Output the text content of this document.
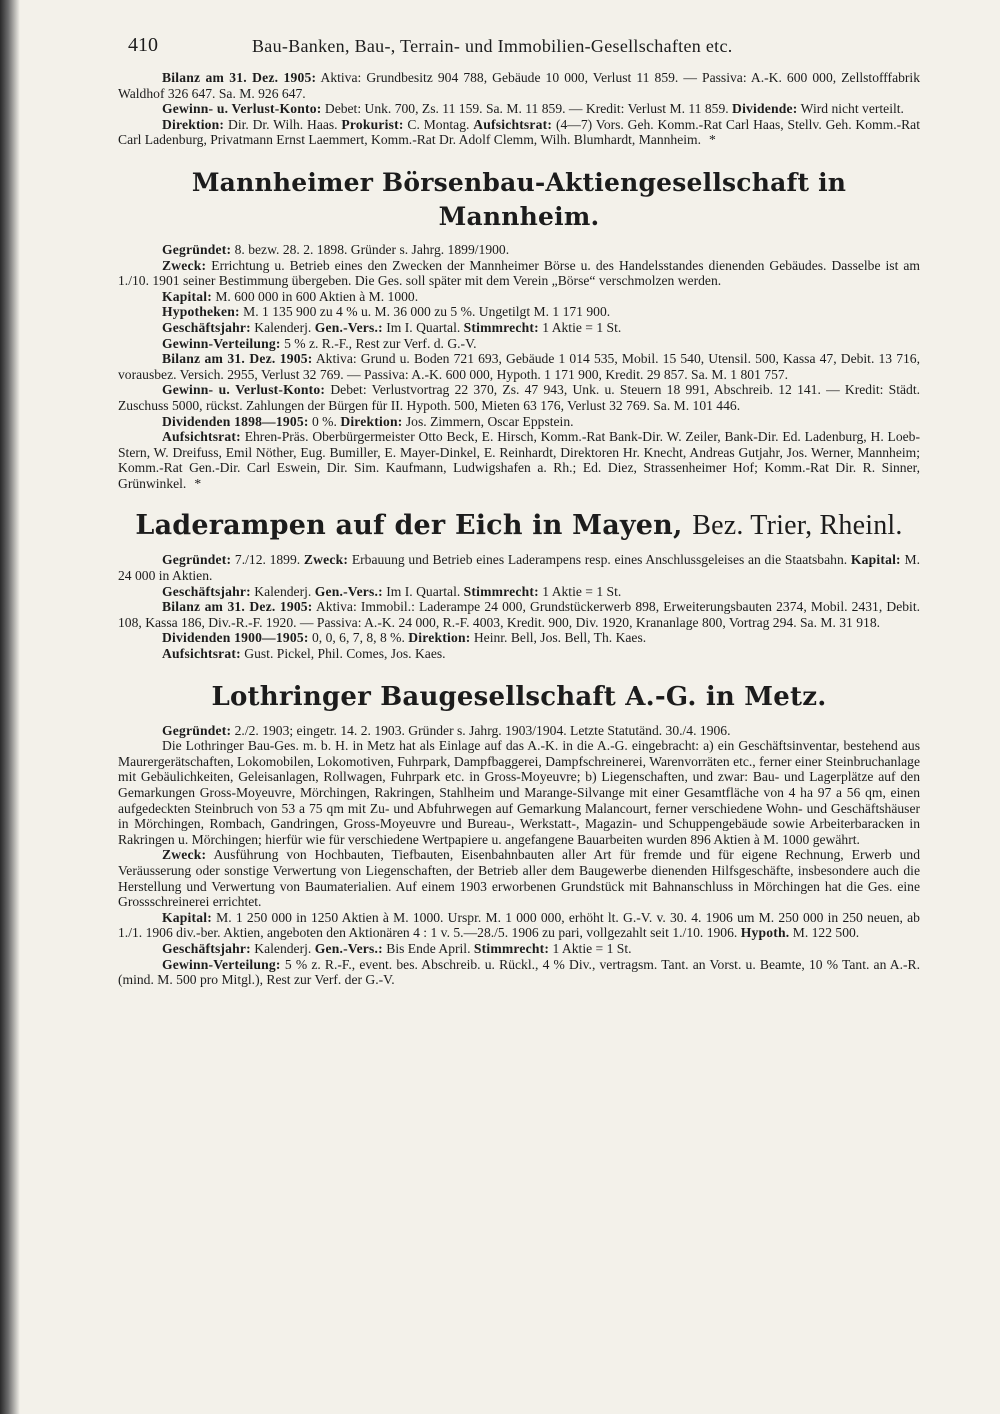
410	Bau-Banken, Bau-, Terrain- und Immobilien-Gesellschaften etc.

Bilanz am 31. Dez. 1905: Aktiva: Grundbesitz 904 788, Gebäude 10 000, Verlust 11 859. — Passiva: A.-K. 600 000, Zellstofffabrik Waldhof 326 647. Sa. M. 926 647.

Gewinn- u. Verlust-Konto: Debet: Unk. 700, Zs. 11 159. Sa. M. 11 859. — Kredit: Verlust M. 11 859. Dividende: Wird nicht verteilt.

Direktion: Dir. Dr. Wilh. Haas. Prokurist: C. Montag. Aufsichtsrat: (4—7) Vors. Geh. Komm.-Rat Carl Haas, Stellv. Geh. Komm.-Rat Carl Ladenburg, Privatmann Ernst Laemmert, Komm.-Rat Dr. Adolf Clemm, Wilh. Blumhardt, Mannheim. *

Mannheimer Börsenbau-Aktiengesellschaft in Mannheim.

Gegründet: 8. bezw. 28. 2. 1898. Gründer s. Jahrg. 1899/1900.

Zweck: Errichtung u. Betrieb eines den Zwecken der Mannheimer Börse u. des Handelsstandes dienenden Gebäudes. Dasselbe ist am 1./10. 1901 seiner Bestimmung übergeben. Die Ges. soll später mit dem Verein „Börse“ verschmolzen werden.

Kapital: M. 600 000 in 600 Aktien à M. 1000.

Hypotheken: M. 1 135 900 zu 4 % u. M. 36 000 zu 5 %. Ungetilgt M. 1 171 900.

Geschäftsjahr: Kalenderj. Gen.-Vers.: Im I. Quartal. Stimmrecht: 1 Aktie = 1 St.

Gewinn-Verteilung: 5 % z. R.-F., Rest zur Verf. d. G.-V.

Bilanz am 31. Dez. 1905: Aktiva: Grund u. Boden 721 693, Gebäude 1 014 535, Mobil. 15 540, Utensil. 500, Kassa 47, Debit. 13 716, vorausbez. Versich. 2955, Verlust 32 769. — Passiva: A.-K. 600 000, Hypoth. 1 171 900, Kredit. 29 857. Sa. M. 1 801 757.

Gewinn- u. Verlust-Konto: Debet: Verlustvortrag 22 370, Zs. 47 943, Unk. u. Steuern 18 991, Abschreib. 12 141. — Kredit: Städt. Zuschuss 5000, rückst. Zahlungen der Bürgen für II. Hypoth. 500, Mieten 63 176, Verlust 32 769. Sa. M. 101 446.

Dividenden 1898—1905: 0 %. Direktion: Jos. Zimmern, Oscar Eppstein.

Aufsichtsrat: Ehren-Präs. Oberbürgermeister Otto Beck, E. Hirsch, Komm.-Rat Bank-Dir. W. Zeiler, Bank-Dir. Ed. Ladenburg, H. Loeb-Stern, W. Dreifuss, Emil Nöther, Eug. Bumiller, E. Mayer-Dinkel, E. Reinhardt, Direktoren Hr. Knecht, Andreas Gutjahr, Jos. Werner, Mannheim; Komm.-Rat Gen.-Dir. Carl Eswein, Dir. Sim. Kaufmann, Ludwigshafen a. Rh.; Ed. Diez, Strassenheimer Hof; Komm.-Rat Dir. R. Sinner, Grünwinkel. *

Laderampen auf der Eich in Mayen, Bez. Trier, Rheinl.

Gegründet: 7./12. 1899. Zweck: Erbauung und Betrieb eines Laderampens resp. eines Anschlussgeleises an die Staatsbahn. Kapital: M. 24 000 in Aktien.

Geschäftsjahr: Kalenderj. Gen.-Vers.: Im I. Quartal. Stimmrecht: 1 Aktie = 1 St.

Bilanz am 31. Dez. 1905: Aktiva: Immobil.: Laderampe 24 000, Grundstückerwerb 898, Erweiterungsbauten 2374, Mobil. 2431, Debit. 108, Kassa 186, Div.-R.-F. 1920. — Passiva: A.-K. 24 000, R.-F. 4003, Kredit. 900, Div. 1920, Krananlage 800, Vortrag 294. Sa. M. 31 918.

Dividenden 1900—1905: 0, 0, 6, 7, 8, 8 %. Direktion: Heinr. Bell, Jos. Bell, Th. Kaes.

Aufsichtsrat: Gust. Pickel, Phil. Comes, Jos. Kaes.

Lothringer Baugesellschaft A.-G. in Metz.

Gegründet: 2./2. 1903; eingetr. 14. 2. 1903. Gründer s. Jahrg. 1903/1904. Letzte Statutänd. 30./4. 1906.

Die Lothringer Bau-Ges. m. b. H. in Metz hat als Einlage auf das A.-K. in die A.-G. eingebracht: a) ein Geschäftsinventar, bestehend aus Maurergerätschaften, Lokomobilen, Lokomotiven, Fuhrpark, Dampfbaggerei, Dampfschreinerei, Warenvorräten etc., ferner einer Steinbruchanlage mit Gebäulichkeiten, Geleisanlagen, Rollwagen, Fuhrpark etc. in Gross-Moyeuvre; b) Liegenschaften, und zwar: Bau- und Lagerplätze auf den Gemarkungen Gross-Moyeuvre, Mörchingen, Rakringen, Stahlheim und Marange-Silvange mit einer Gesamtfläche von 4 ha 97 a 56 qm, einen aufgedeckten Steinbruch von 53 a 75 qm mit Zu- und Abfuhrwegen auf Gemarkung Malancourt, ferner verschiedene Wohn- und Geschäftshäuser in Mörchingen, Rombach, Gandringen, Gross-Moyeuvre und Bureau-, Werkstatt-, Magazin- und Schuppengebäude sowie Arbeiterbaracken in Rakringen u. Mörchingen; hierfür wie für verschiedene Wertpapiere u. angefangene Bauarbeiten wurden 896 Aktien à M. 1000 gewährt.

Zweck: Ausführung von Hochbauten, Tiefbauten, Eisenbahnbauten aller Art für fremde und für eigene Rechnung, Erwerb und Veräusserung oder sonstige Verwertung von Liegenschaften, der Betrieb aller dem Baugewerbe dienenden Hilfsgeschäfte, insbesondere auch die Herstellung und Verwertung von Baumaterialien. Auf einem 1903 erworbenen Grundstück mit Bahnanschluss in Mörchingen hat die Ges. eine Grossschreinerei errichtet.

Kapital: M. 1 250 000 in 1250 Aktien à M. 1000. Urspr. M. 1 000 000, erhöht lt. G.-V. v. 30. 4. 1906 um M. 250 000 in 250 neuen, ab 1./1. 1906 div.-ber. Aktien, angeboten den Aktionären 4 : 1 v. 5.—28./5. 1906 zu pari, vollgezahlt seit 1./10. 1906. Hypoth. M. 122 500.

Geschäftsjahr: Kalenderj. Gen.-Vers.: Bis Ende April. Stimmrecht: 1 Aktie = 1 St.

Gewinn-Verteilung: 5 % z. R.-F., event. bes. Abschreib. u. Rückl., 4 % Div., vertragsm. Tant. an Vorst. u. Beamte, 10 % Tant. an A.-R. (mind. M. 500 pro Mitgl.), Rest zur Verf. der G.-V.
